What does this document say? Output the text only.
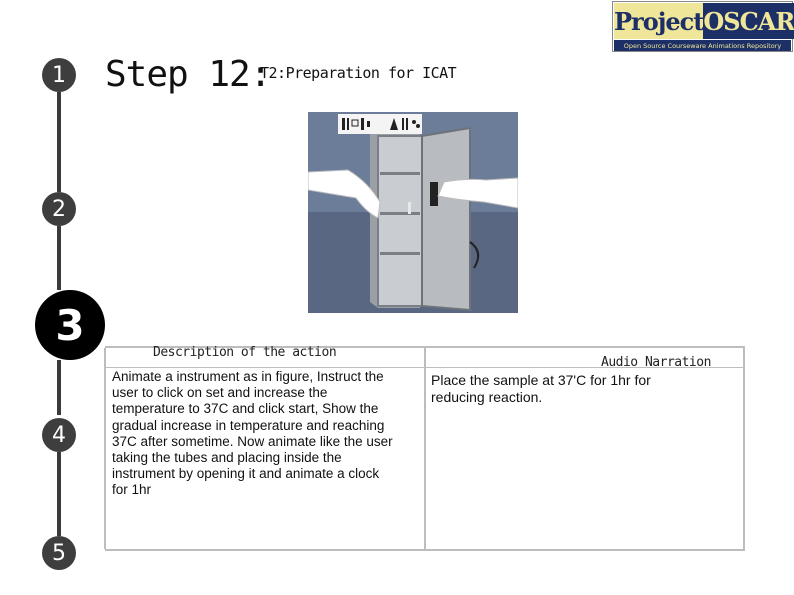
1
2
3
4
5
Step 12:
T2:Preparation for ICAT
Project OSCAR
Open Source Courseware Animations Repository
Description of the action
Audio Narration
Animate a instrument as in figure, Instruct the user to click on set and increase the temperature to 37C and click start, Show the gradual increase in temperature and reaching 37C after sometime. Now animate like the user taking the tubes and placing inside the instrument by opening it and animate a clock for 1hr
Place the sample at 37'C for 1hr for reducing reaction.
